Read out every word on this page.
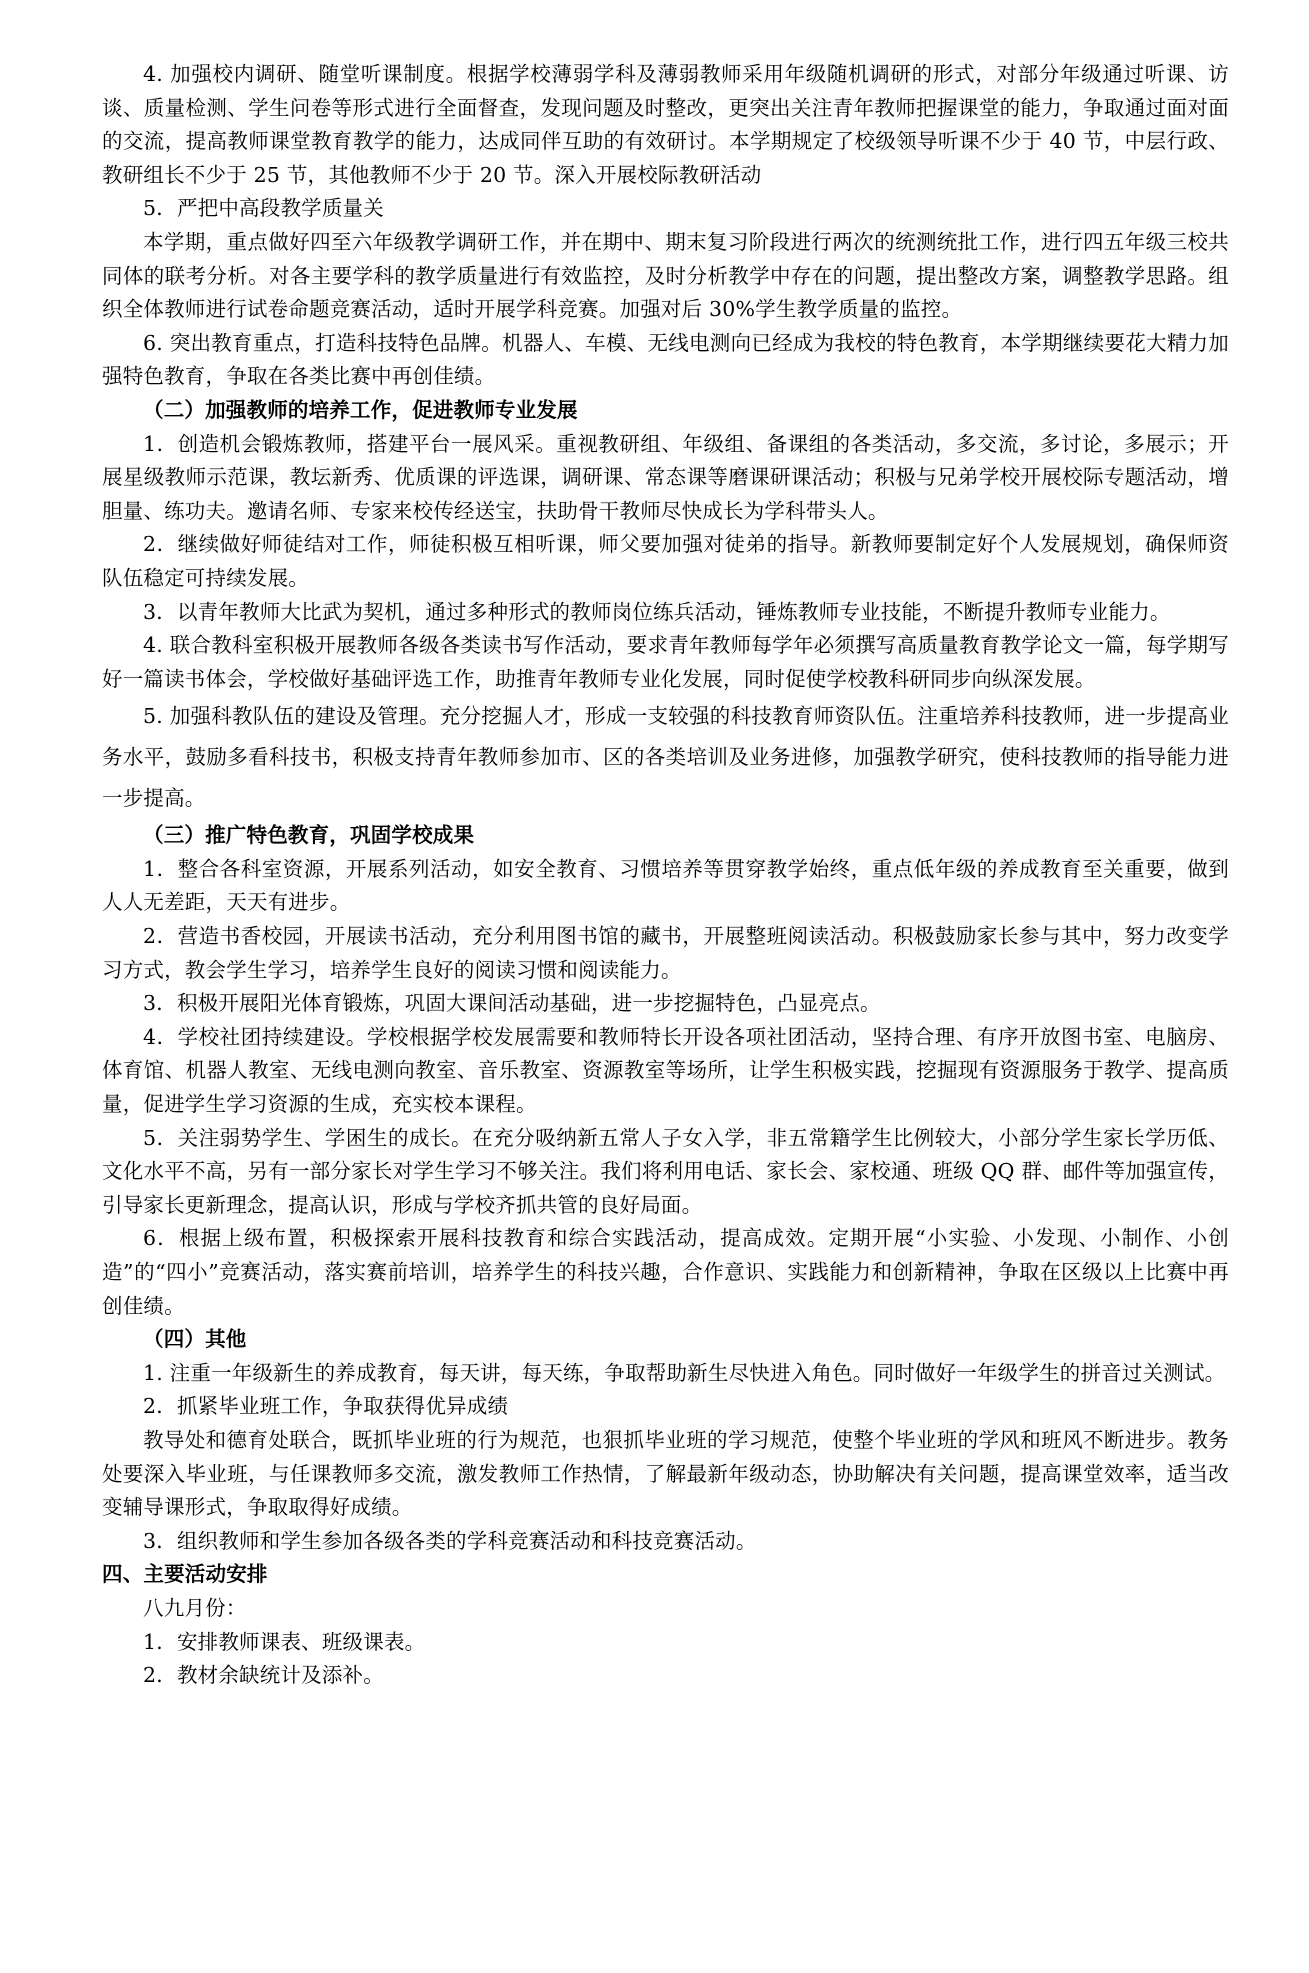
4. 加强校内调研、随堂听课制度。根据学校薄弱学科及薄弱教师采用年级随机调研的形式，对部分年级通过听课、访谈、质量检测、学生问卷等形式进行全面督查，发现问题及时整改，更突出关注青年教师把握课堂的能力，争取通过面对面的交流，提高教师课堂教育教学的能力，达成同伴互助的有效研讨。本学期规定了校级领导听课不少于 40 节，中层行政、教研组长不少于 25 节，其他教师不少于 20 节。深入开展校际教研活动

5．严把中高段教学质量关

本学期，重点做好四至六年级教学调研工作，并在期中、期末复习阶段进行两次的统测统批工作，进行四五年级三校共同体的联考分析。对各主要学科的教学质量进行有效监控，及时分析教学中存在的问题，提出整改方案，调整教学思路。组织全体教师进行试卷命题竞赛活动，适时开展学科竞赛。加强对后 30%学生教学质量的监控。

6. 突出教育重点，打造科技特色品牌。机器人、车模、无线电测向已经成为我校的特色教育，本学期继续要花大精力加强特色教育，争取在各类比赛中再创佳绩。

（二）加强教师的培养工作，促进教师专业发展

1．创造机会锻炼教师，搭建平台一展风采。重视教研组、年级组、备课组的各类活动，多交流，多讨论，多展示；开展星级教师示范课，教坛新秀、优质课的评选课，调研课、常态课等磨课研课活动；积极与兄弟学校开展校际专题活动，增胆量、练功夫。邀请名师、专家来校传经送宝，扶助骨干教师尽快成长为学科带头人。

2．继续做好师徒结对工作，师徒积极互相听课，师父要加强对徒弟的指导。新教师要制定好个人发展规划，确保师资队伍稳定可持续发展。

3．以青年教师大比武为契机，通过多种形式的教师岗位练兵活动，锤炼教师专业技能，不断提升教师专业能力。

4. 联合教科室积极开展教师各级各类读书写作活动，要求青年教师每学年必须撰写高质量教育教学论文一篇，每学期写好一篇读书体会，学校做好基础评选工作，助推青年教师专业化发展，同时促使学校教科研同步向纵深发展。

5. 加强科教队伍的建设及管理。充分挖掘人才，形成一支较强的科技教育师资队伍。注重培养科技教师，进一步提高业务水平，鼓励多看科技书，积极支持青年教师参加市、区的各类培训及业务进修，加强教学研究，使科技教师的指导能力进一步提高。

（三）推广特色教育，巩固学校成果

1．整合各科室资源，开展系列活动，如安全教育、习惯培养等贯穿教学始终，重点低年级的养成教育至关重要，做到人人无差距，天天有进步。

2．营造书香校园，开展读书活动，充分利用图书馆的藏书，开展整班阅读活动。积极鼓励家长参与其中，努力改变学习方式，教会学生学习，培养学生良好的阅读习惯和阅读能力。

3．积极开展阳光体育锻炼，巩固大课间活动基础，进一步挖掘特色，凸显亮点。

4．学校社团持续建设。学校根据学校发展需要和教师特长开设各项社团活动，坚持合理、有序开放图书室、电脑房、体育馆、机器人教室、无线电测向教室、音乐教室、资源教室等场所，让学生积极实践，挖掘现有资源服务于教学、提高质量，促进学生学习资源的生成，充实校本课程。

5．关注弱势学生、学困生的成长。在充分吸纳新五常人子女入学，非五常籍学生比例较大，小部分学生家长学历低、文化水平不高，另有一部分家长对学生学习不够关注。我们将利用电话、家长会、家校通、班级 QQ 群、邮件等加强宣传，引导家长更新理念，提高认识，形成与学校齐抓共管的良好局面。

6．根据上级布置，积极探索开展科技教育和综合实践活动，提高成效。定期开展“小实验、小发现、小制作、小创造”的“四小”竞赛活动，落实赛前培训，培养学生的科技兴趣，合作意识、实践能力和创新精神，争取在区级以上比赛中再创佳绩。

（四）其他

1. 注重一年级新生的养成教育，每天讲，每天练，争取帮助新生尽快进入角色。同时做好一年级学生的拼音过关测试。

2．抓紧毕业班工作，争取获得优异成绩

教导处和德育处联合，既抓毕业班的行为规范，也狠抓毕业班的学习规范，使整个毕业班的学风和班风不断进步。教务处要深入毕业班，与任课教师多交流，激发教师工作热情，了解最新年级动态，协助解决有关问题，提高课堂效率，适当改变辅导课形式，争取取得好成绩。

3．组织教师和学生参加各级各类的学科竞赛活动和科技竞赛活动。

四、主要活动安排

八九月份：

1．安排教师课表、班级课表。

2．教材余缺统计及添补。
